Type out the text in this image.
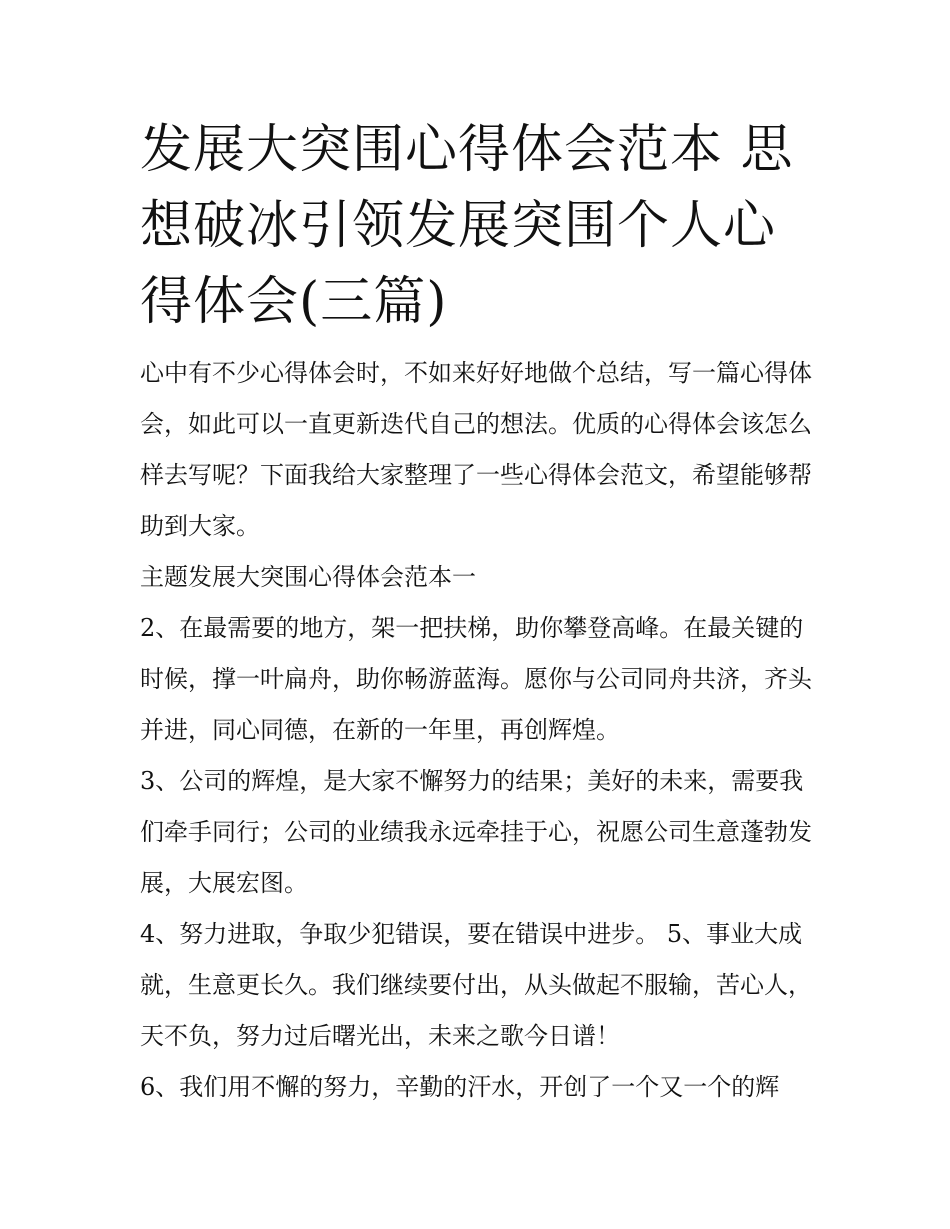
发展大突围心得体会范本 思想破冰引领发展突围个人心得体会(三篇)

心中有不少心得体会时，不如来好好地做个总结，写一篇心得体会，如此可以一直更新迭代自己的想法。优质的心得体会该怎么样去写呢？下面我给大家整理了一些心得体会范文，希望能够帮助到大家。

主题发展大突围心得体会范本一

2、在最需要的地方，架一把扶梯，助你攀登高峰。在最关键的时候，撑一叶扁舟，助你畅游蓝海。愿你与公司同舟共济，齐头并进，同心同德，在新的一年里，再创辉煌。

3、公司的辉煌，是大家不懈努力的结果；美好的未来，需要我们牵手同行；公司的业绩我永远牵挂于心，祝愿公司生意蓬勃发展，大展宏图。

4、努力进取，争取少犯错误，要在错误中进步。 5、事业大成就，生意更长久。我们继续要付出，从头做起不服输，苦心人，天不负，努力过后曙光出，未来之歌今日谱！

6、我们用不懈的努力，辛勤的汗水，开创了一个又一个的辉
